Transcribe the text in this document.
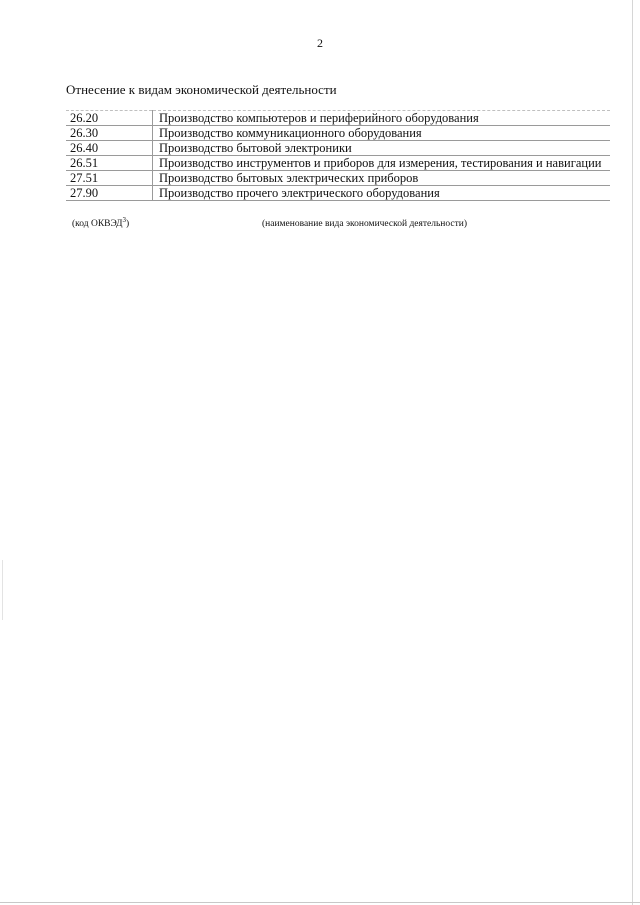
2
Отнесение к видам экономической деятельности
26.20	Производство компьютеров и периферийного оборудования
26.30	Производство коммуникационного оборудования
26.40	Производство бытовой электроники
26.51	Производство инструментов и приборов для измерения, тестирования и навигации
27.51	Производство бытовых электрических приборов
27.90	Производство прочего электрического оборудования
(код ОКВЭД$^3$)	(наименование вида экономической деятельности)
